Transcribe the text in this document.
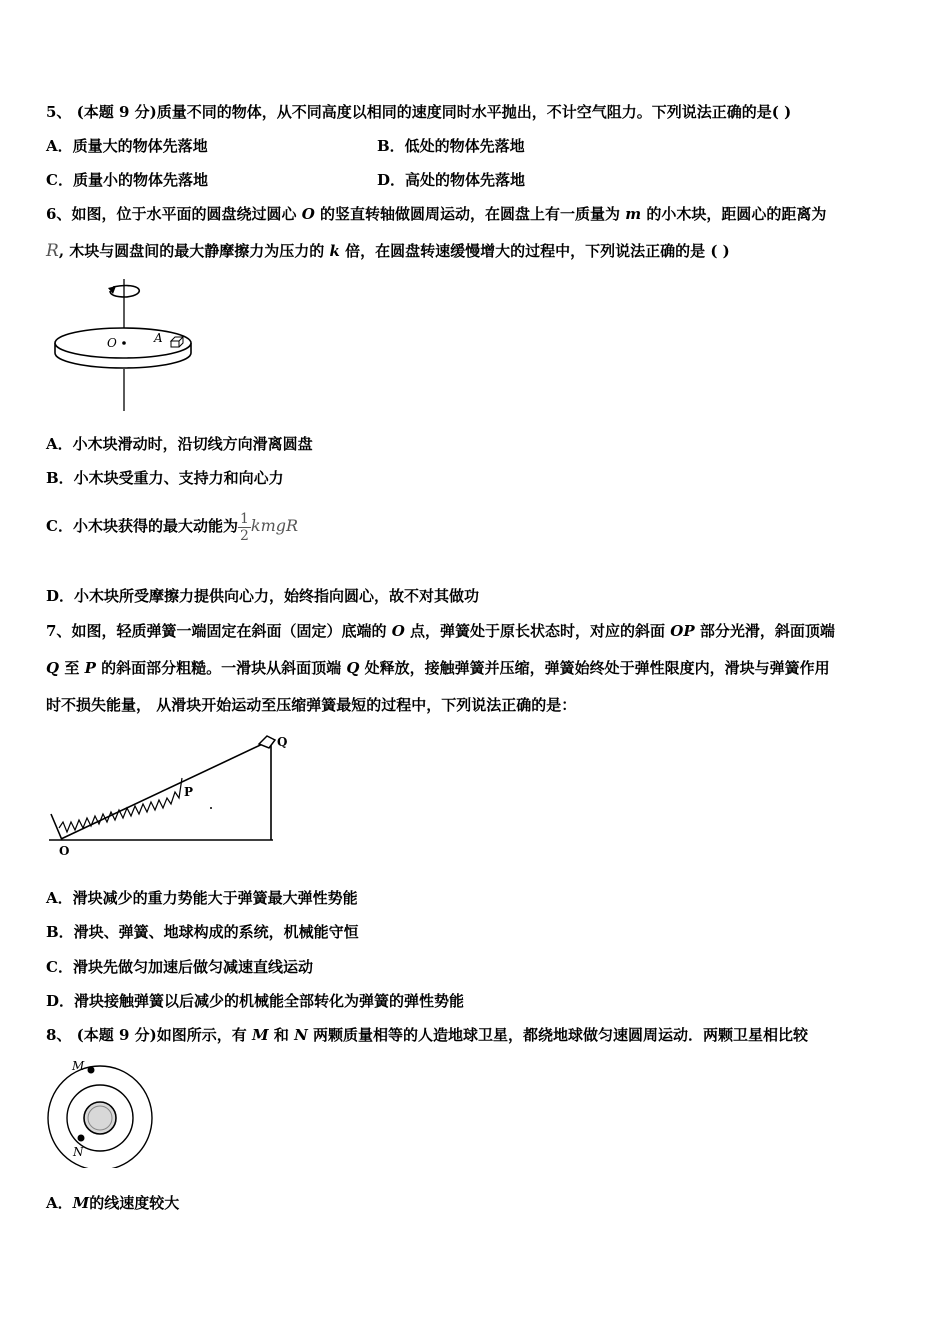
5、 (本题 9 分)质量不同的物体，从不同高度以相同的速度同时水平抛出，不计空气阻力。下列说法正确的是( )
A．质量大的物体先落地	B．低处的物体先落地
C．质量小的物体先落地	D．高处的物体先落地
6、如图，位于水平面的圆盘绕过圆心 O 的竖直转轴做圆周运动，在圆盘上有一质量为 m 的小木块，距圆心的距离为
R, 木块与圆盘间的最大静摩擦力为压力的 k 倍，在圆盘转速缓慢增大的过程中，下列说法正确的是 ( )
O	A
A．小木块滑动时，沿切线方向滑离圆盘
B．小木块受重力、支持力和向心力
C．小木块获得的最大动能为 $\frac{1}{2}$ kmgR
D．小木块所受摩擦力提供向心力，始终指向圆心，故不对其做功
7、如图，轻质弹簧一端固定在斜面（固定）底端的 O 点，弹簧处于原长状态时，对应的斜面 OP 部分光滑，斜面顶端
Q 至 P 的斜面部分粗糙。一滑块从斜面顶端 Q 处释放，接触弹簧并压缩，弹簧始终处于弹性限度内，滑块与弹簧作用
时不损失能量， 从滑块开始运动至压缩弹簧最短的过程中，下列说法正确的是：
O
P
Q
A．滑块减少的重力势能大于弹簧最大弹性势能
B．滑块、弹簧、地球构成的系统，机械能守恒
C．滑块先做匀加速后做匀减速直线运动
D．滑块接触弹簧以后减少的机械能全部转化为弹簧的弹性势能
8、 (本题 9 分)如图所示，有 M 和 N 两颗质量相等的人造地球卫星，都绕地球做匀速圆周运动．两颗卫星相比较
M
N
A．M的线速度较大
